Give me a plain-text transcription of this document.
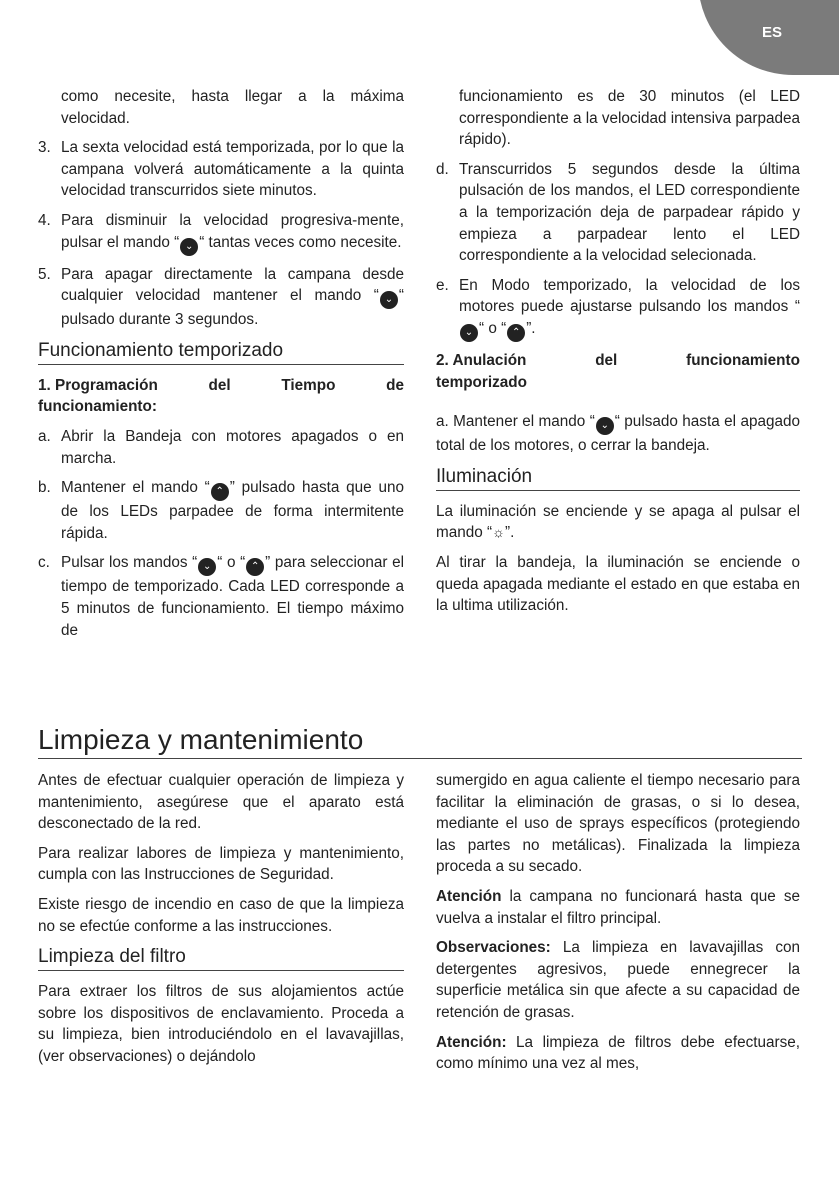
ES
como necesite, hasta llegar a la máxima velocidad.
3. La sexta velocidad está temporizada, por lo que la campana volverá automáticamente a la quinta velocidad transcurridos siete minutos.
4. Para disminuir la velocidad progresiva-mente, pulsar el mando “ ⌄ “ tantas veces como necesite.
5. Para apagar directamente la campana desde cualquier velocidad mantener el mando “ ⌄ “ pulsado durante 3 segundos.
Funcionamiento temporizado
1. Programación	del	Tiempo	de
funcionamiento:
a. Abrir la Bandeja con motores apagados o en marcha.
b. Mantener el mando “ ⌃ ” pulsado hasta que uno de los LEDs parpadee de forma intermitente rápida.
c. Pulsar los mandos “ ⌄ “ o “ ⌃ ” para seleccionar el tiempo de temporizado. Cada LED corresponde a 5 minutos de funcionamiento. El tiempo máximo de
funcionamiento es de 30 minutos (el LED correspondiente a la velocidad intensiva parpadea rápido).
d. Transcurridos 5 segundos desde la última pulsación de los mandos, el LED correspondiente a la temporización deja de parpadear rápido y empieza a parpadear lento el LED correspondiente a la velocidad selecionada.
e. En Modo temporizado, la velocidad de los motores puede ajustarse pulsando los mandos “⌄ “ o “ ⌃ ”.
2. Anulación	del	funcionamiento
temporizado

a. Mantener el mando “ ⌄ “ pulsado hasta el apagado total de los motores, o cerrar la bandeja.

Iluminación

La iluminación se enciende y se apaga al pulsar el mando “☼”.

Al tirar la bandeja, la iluminación se enciende o queda apagada mediante el estado en que estaba en la ultima utilización.

Limpieza y mantenimiento

Antes de efectuar cualquier operación de limpieza y mantenimiento, asegúrese que el aparato está desconectado de la red.

Para realizar labores de limpieza y mantenimiento, cumpla con las Instrucciones de Seguridad.

Existe riesgo de incendio en caso de que la limpieza no se efectúe conforme a las instrucciones.

Limpieza del filtro

Para extraer los filtros de sus alojamientos actúe sobre los dispositivos de enclavamiento. Proceda a su limpieza, bien introduciéndolo en el lavavajillas, (ver observaciones) o dejándolo

sumergido en agua caliente el tiempo necesario para facilitar la eliminación de grasas, o si lo desea, mediante el uso de sprays específicos (protegiendo las partes no metálicas). Finalizada la limpieza proceda a su secado.

Atención la campana no funcionará hasta que se vuelva a instalar el filtro principal.

Observaciones: La limpieza en lavavajillas con detergentes agresivos, puede ennegrecer la superficie metálica sin que afecte a su capacidad de retención de grasas.

Atención: La limpieza de filtros debe efectuarse, como mínimo una vez al mes,
